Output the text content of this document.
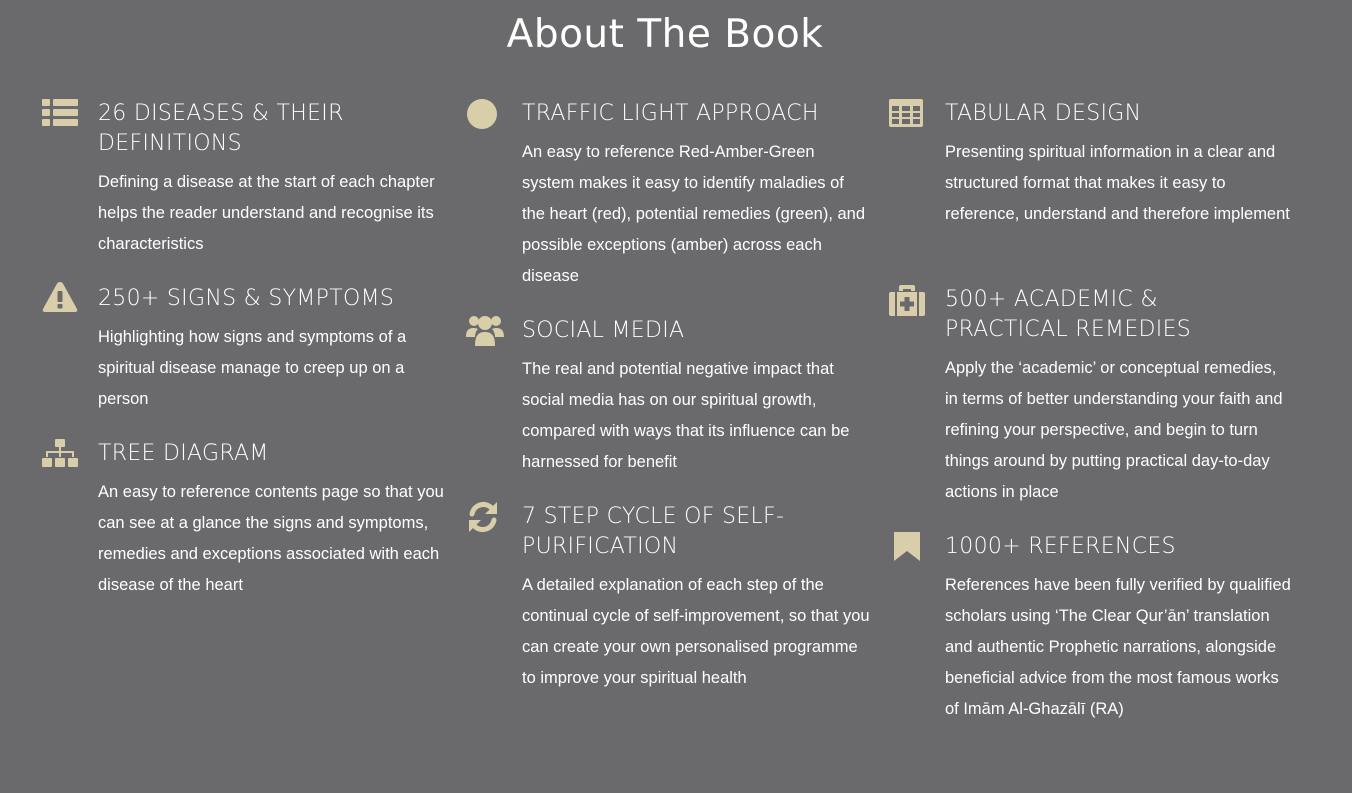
About The Book
26 DISEASES & THEIR DEFINITIONS

Defining a disease at the start of each chapter helps the reader understand and recognise its characteristics

250+ SIGNS & SYMPTOMS

Highlighting how signs and symptoms of a spiritual disease manage to creep up on a person

TREE DIAGRAM

An easy to reference contents page so that you can see at a glance the signs and symptoms, remedies and exceptions associated with each disease of the heart

TRAFFIC LIGHT APPROACH

An easy to reference Red-Amber-Green system makes it easy to identify maladies of the heart (red), potential remedies (green), and possible exceptions (amber) across each disease

SOCIAL MEDIA

The real and potential negative impact that social media has on our spiritual growth, compared with ways that its influence can be harnessed for benefit

7 STEP CYCLE OF SELF-PURIFICATION

A detailed explanation of each step of the continual cycle of self-improvement, so that you can create your own personalised programme to improve your spiritual health

TABULAR DESIGN

Presenting spiritual information in a clear and structured format that makes it easy to reference, understand and therefore implement

500+ ACADEMIC & PRACTICAL REMEDIES

Apply the ‘academic’ or conceptual remedies, in terms of better understanding your faith and refining your perspective, and begin to turn things around by putting practical day-to-day actions in place

1000+ REFERENCES

References have been fully verified by qualified scholars using ‘The Clear Qur’ān’ translation and authentic Prophetic narrations, alongside beneficial advice from the most famous works of Imām Al-Ghazālī (RA)
